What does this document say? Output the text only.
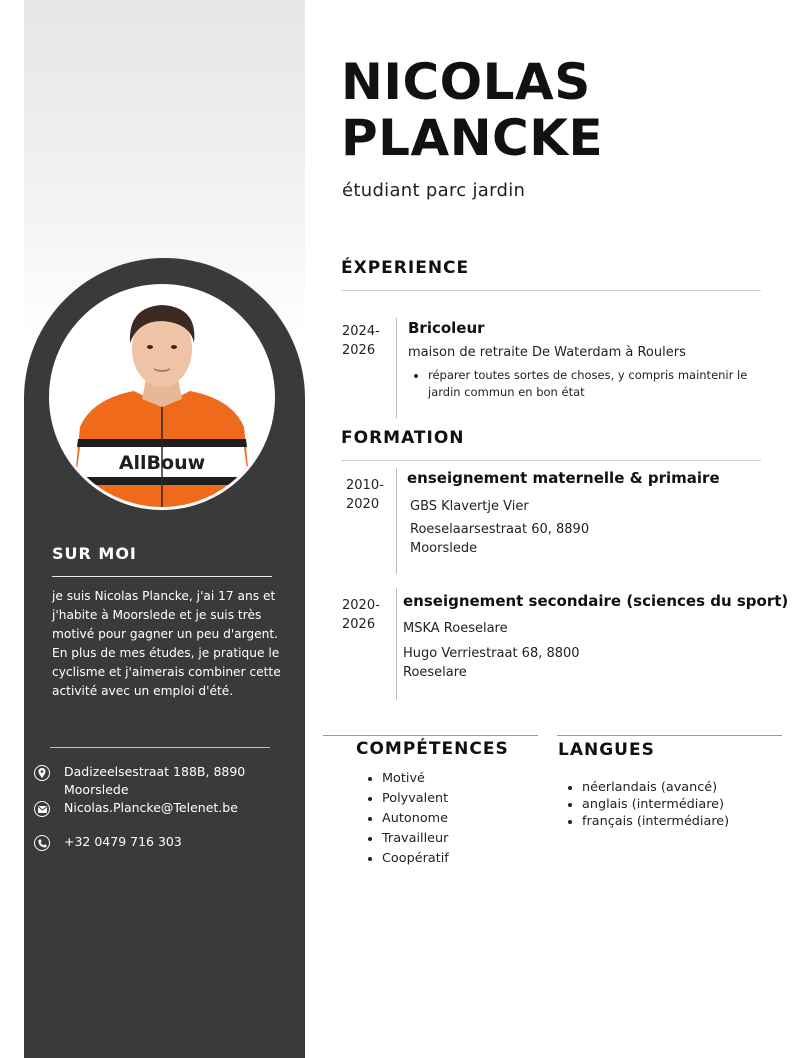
AllBouw
SUR MOI

je suis Nicolas Plancke, j'ai 17 ans et j'habite à Moorslede et je suis très motivé pour gagner un peu d'argent. En plus de mes études, je pratique le cyclisme et j'aimerais combiner cette activité avec un emploi d'été.

Dadizeelsestraat 188B, 8890 Moorslede
Nicolas.Plancke@Telenet.be
+32 0479 716 303
NICOLAS
PLANCKE

étudiant parc jardin

ÉXPERIENCE

2024-
2026

Bricoleur

maison de retraite De Waterdam à Roulers

• réparer toutes sortes de choses, y compris maintenir le jardin commun en bon état
FORMATION

2010-
2020

enseignement maternelle & primaire

GBS Klavertje Vier

Roeselaarsestraat 60, 8890
Moorslede

2020-
2026

enseignement secondaire (sciences du sport)

MSKA Roeselare

Hugo Verriestraat 68, 8800
Roeselare

COMPÉTENCES
• Motivé
• Polyvalent
• Autonome
• Travailleur
• Coopératif
LANGUES
• néerlandais (avancé)
• anglais (intermédiare)
• français (intermédiare)
